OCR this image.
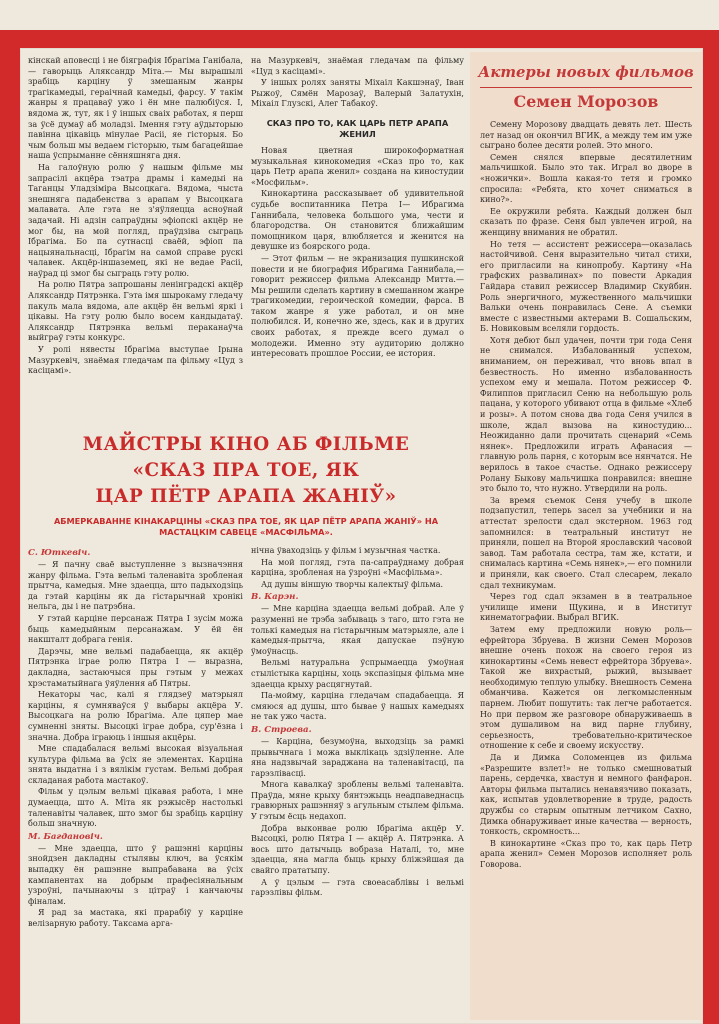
кінскай аповесці і не біяграфія Ібрагіма Ганібала,— гаворыць Аляксандр Міта.— Мы вырашылі зрабіць карціну ў змешаным жанры трагікамедыі, гераічнай камедыі, фарсу. У такім жанры я працаваў ужо і ён мне палюбіўся. І, вядома ж, тут, як і ў іншых сваіх работах, я перш за ўсё думаў аб моладзі. Імення гэту аўдыторыю павінна цікавіць мінулае Расіі, яе гісторыя. Бо чым больш мы ведаем гісторыю, тым багацейшае наша ўспрыманне сённяшняга дня.

На галоўную ролю ў нашым фільме мы запрасілі акцёра тэатра драмы і камедыі на Таганцы Уладзіміра Высоцкага. Вядома, чыста знешняга падабенства з арапам у Высоцкага малавата. Але гэта не з'яўляецца асноўнай задачай. Ні адзін сапраўдны эфіопскі акцёр не мог бы, на мой погляд, праўдзіва сыграць Ібрагіма. Бо па сутнасці сваёй, эфіоп па нацыянальнасці, Ібрагім на самой справе рускі чалавек. Акцёр-іншаземец, які не ведае Расіі, наўрад ці змог бы сыграць гэту ролю.

На ролю Пятра запрошаны ленінградскі акцёр Аляксандр Пятрэнка. Гэта імя шырокаму гледачу пакуль мала вядома, але акцёр ён вельмі яркі і цікавы. На гэту ролю было восем кандыдатаў. Аляксандр Пятрэнка вельмі пераканаўча выйграў гэты конкурс.

У ролі нявесты Ібрагіма выступае Ірына Мазуркевіч, знаёмая гледачам па фільму «Цуд з касіцамі».

на Мазуркевіч, знаёмая гледачам па фільму «Цуд з касіцамі».

У іншых ролях заняты Міхаіл Какшэнаў, Іван Рыжоў, Сямён Марозаў, Валерый Залатухін, Міхаіл Глузскі, Алег Табакоў.

СКАЗ ПРО ТО, КАК ЦАРЬ ПЕТР АРАПА ЖЕНИЛ

Новая цветная широкоформатная музыкальная кинокомедия «Сказ про то, как царь Петр арапа женил» создана на киностудии «Мосфильм».

Кинокартина рассказывает об удивительной судьбе воспитанника Петра I— Ибрагима Ганнибала, человека большого ума, чести и благородства. Он становится ближайшим помощником царя, влюбляется и женится на девушке из боярского рода.

— Этот фильм — не экранизация пушкинской повести и не биография Ибрагима Ганнибала,— говорит режиссер фильма Александр Митта.— Мы решили сделать картину в смешанном жанре трагикомедии, героической комедии, фарса. В таком жанре я уже работал, и он мне полюбился. И, конечно же, здесь, как и в других своих работах, я прежде всего думал о молодежи. Именно эту аудиторию должно интересовать прошлое России, ее история.

Актеры новых фильмов
Семен Морозов

Семену Морозову двадцать девять лет. Шесть лет назад он окончил ВГИК, а между тем им уже сыграно более десяти ролей. Это много.

Семен снялся впервые десятилетним мальчишкой. Было это так. Играл во дворе в «ножички». Вошла какая-то тетя и громко спросила: «Ребята, кто хочет сниматься в кино?».

Ее окружили ребята. Каждый должен был сказать по фразе. Сеня был увлечен игрой, на женщину внимания не обратил.

Но тетя — ассистент режиссера—оказалась настойчивой. Сеня выразительно читал стихи, его пригласили на кинопробу. Картину «На графских развалинах» по повести Аркадия Гайдара ставил режиссер Владимир Скуйбин. Роль энергичного, мужественного мальчишки Вальки очень понравилась Сене. А съемки вместе с известными актерами В. Сошальским, Б. Новиковым вселяли гордость.

Хотя дебют был удачен, почти три года Сеня не снимался. Избалованный успехом, вниманием, он переживал, что вновь впал в безвестность. Но именно избалованность успехом ему и мешала. Потом режиссер Ф. Филиппов пригласил Сеню на небольшую роль пацана, у которого убивают отца в фильме «Хлеб и розы». А потом снова два года Сеня учился в школе, ждал вызова на киностудию... Неожиданно дали прочитать сценарий «Семь нянек». Предложили играть Афанасия — главную роль парня, с которым все нянчатся. Не верилось в такое счастье. Однако режиссеру Ролану Быкову мальчишка понравился: внешне это было то, что нужно. Утвердили на роль.

За время съемок Сеня учебу в школе подзапустил, теперь засел за учебники и на аттестат зрелости сдал экстерном. 1963 год запомнился: в театральный институт не приняли, пошел на Второй ярославский часовой завод. Там работала сестра, там же, кстати, и снималась картина «Семь нянек»,— его помнили и приняли, как своего. Стал слесарем, лекало сдал техникумам.

Через год сдал экзамен в в театральное училище имени Щукина, и в Институт кинематографии. Выбрал ВГИК.

Затем ему предложили новую роль—ефрейтора Збруева. В жизни Семен Морозов внешне очень похож на своего героя из кинокартины «Семь невест ефрейтора Збруева». Такой же вихрастый, рыжий, вызывает необходимую теплую улыбку. Внешность Семена обманчива. Кажется он легкомысленным парнем. Любит пошутить: так легче работается. Но при первом же разговоре обнаруживаешь в этом душаливом на вид парне глубину, серьезность, требовательно-критическое отношение к себе и своему искусству.

Да и Димка Соломенцев из фильма «Разрешите взлет!» не только смешноватый парень, сердечка, хвастун и немного фанфарон. Авторы фильма пытались ненавязчиво показать, как, испытав удовлетворение в труде, радость дружбы со старым опытным летчиком Сахно, Димка обнаруживает иные качества — верность, тонкость, скромность...

В кинокартине «Сказ про то, как царь Петр арапа женил» Семен Морозов исполняет роль Говорова.

МАЙСТРЫ КІНО АБ ФІЛЬМЕ
«СКАЗ ПРА ТОЕ, ЯК
ЦАР ПЁТР АРАПА ЖАНІЎ»
АБМЕРКАВАННЕ КІНАКАРЦІНЫ «СКАЗ ПРА ТОЕ, ЯК ЦАР ПЁТР АРАПА ЖАНІЎ» НА МАСТАЦКІМ САВЕЦЕ «МАСФІЛЬМА».

С. Юткевіч.

— Я пачну сваё выступленне з вызначэння жанру фільма. Гэта вельмі таленавіта зробленая прытча, камедыя. Мне здаецца, што падыходзіць да гэтай карціны як да гістарычнай хронікі нельга, ды і не патрэбна.

У гэтай карціне персанаж Пятра I зусім можа быць камедыйным персанажам. У ёй ён накшталт добрага генія.

Дарэчы, мне вельмі падабаецца, як акцёр Пятрэнка іграе ролю Пятра I — выразна, дакладна, застаючыся пры гэтым у межах хрэстаматыйнага ўяўлення аб Пятры.

Некаторы час, калі я глядзеў матэрыял карціны, я сумняваўся ў выбары акцёра У. Высоцкага на ролю Ібрагіма. Але цяпер мае сумненні зняты. Высоцкі іграе добра, сур'ёзна і значна. Добра іграюць і іншыя акцёры.

Мне спадабалася вельмі высокая візуальная культура фільма ва ўсіх яе элементах. Карціна знята выдатна і з вялікім густам. Вельмі добрая складаная работа мастакоў.

Фільм у цэлым вельмі цікавая работа, і мне думаецца, што А. Міта як рэжысёр настолькі таленавіты чалавек, што змог бы зрабіць карціну больш значную.

М. Багдановіч.

— Мне здаецца, што ў рашэнні карціны знойдзен дакладны стылявы ключ, ва ўсякім выпадку ён рашэнне выпрабавана ва ўсіх кампанентах на добрым прафесіянальным узроўні, пачынаючы з цітраў і канчаючы фіналам.

Я рад за мастака, які прарабіў у карціне велізарную работу. Таксама арга-

нічна ўваходзіць у фільм і музычная частка.

На мой погляд, гэта па-сапраўднаму добрая карціна, зробленая на ўзроўні «Масфільма».

Ад душы віншую творчы калектыў фільма.

В. Карэн.

— Мне карціна здаецца вельмі добрай. Але ў разуменні не трэба забываць з таго, што гэта не толькі камедыя на гістарычным матэрыяле, але і камедыя-прытча, якая дапускае пэўную ўмоўнасць.

Вельмі натуральна ўспрымаецца ўмоўная стылістыка карціны, хоць экспазіцыя фільма мне здаецца крыху расцягнутай.

Па-мойму, карціна гледачам спадабаецца. Я смяюся ад душы, што бывае ў нашых камедыях не так ужо часта.

В. Строева.

— Карціна, безумоўна, выходзіць за рамкі прывычнага і можа выклікаць здзіўленне. Але яна надзвычай зараджана на таленавітасці, па гарэзлівасці.

Многа кавалкаў зроблены вельмі таленавіта. Праўда, мяне крыху бянтэжыць неадпаведнасць гравюрных рашэнняў з агульным стылем фільма. У гэтым ёсць недахоп.

Добра выконвае ролю Ібрагіма акцёр У. Высоцкі, ролю Пятра I — акцёр А. Пятрэнка. А вось што датычыць вобраза Наталі, то, мне здаецца, яна магла быць крыху бліжэйшая да свайго прататыпу.

А ў цэлым — гэта своеасаблівы і вельмі гарэзлівы фільм.
